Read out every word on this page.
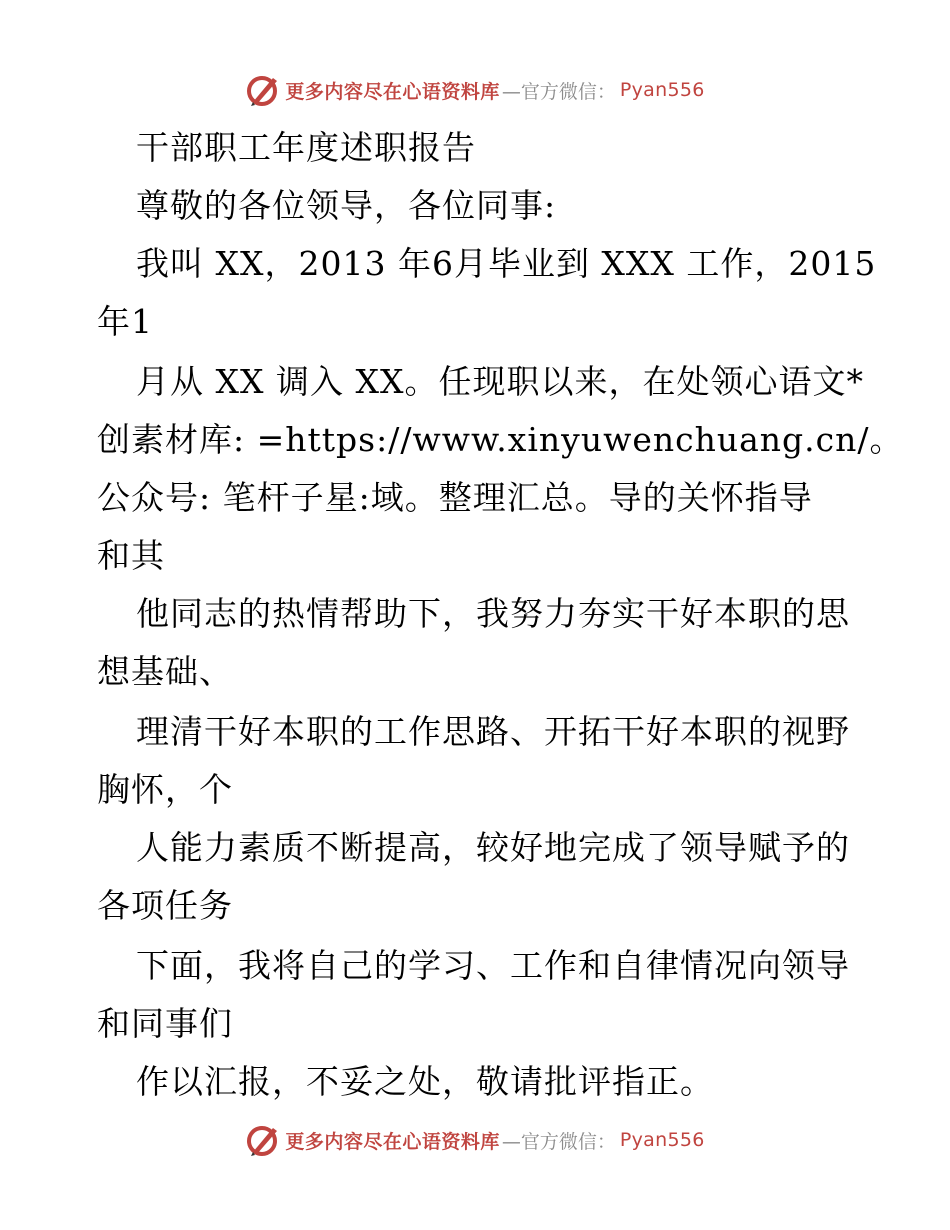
更多内容尽在心语资料库 —官方微信： Pyan556
干部职工年度述职报告
尊敬的各位领导，各位同事:
我叫 XX，2013 年6月毕业到 XXX 工作，2015
年1
月从 XX 调入 XX。任现职以来，在处领心语文*
创素材库: =https://www.xinyuwenchuang.cn/。
公众号: 笔杆子星:域。整理汇总。导的关怀指导
和其
他同志的热情帮助下，我努力夯实干好本职的思
想基础、
理清干好本职的工作思路、开拓干好本职的视野
胸怀，个
人能力素质不断提高，较好地完成了领导赋予的
各项任务
下面，我将自己的学习、工作和自律情况向领导
和同事们
作以汇报，不妥之处，敬请批评指正。
更多内容尽在心语资料库 —官方微信： Pyan556
